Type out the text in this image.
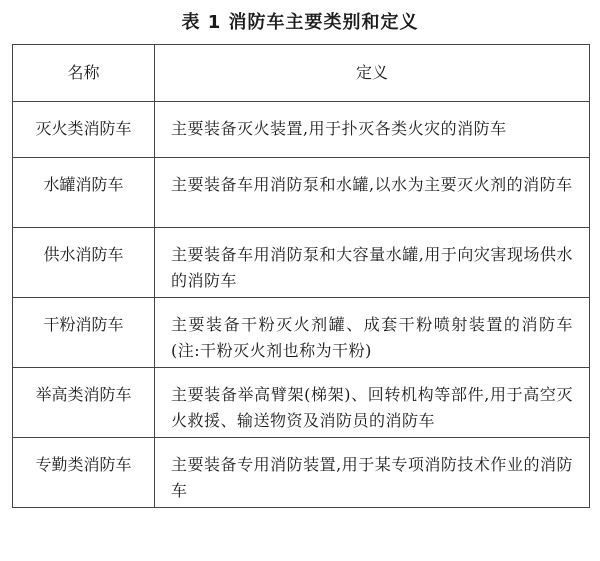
表 1 消防车主要类别和定义
名称	定义
灭火类消防车	主要装备灭火装置,用于扑灭各类火灾的消防车
水罐消防车	主要装备车用消防泵和水罐,以水为主要灭火剂的消防车
供水消防车	主要装备车用消防泵和大容量水罐,用于向灾害现场供水的消防车
干粉消防车	主要装备干粉灭火剂罐、成套干粉喷射装置的消防车(注:干粉灭火剂也称为干粉)
举高类消防车	主要装备举高臂架(梯架)、回转机构等部件,用于高空灭火救援、输送物资及消防员的消防车
专勤类消防车	主要装备专用消防装置,用于某专项消防技术作业的消防车
